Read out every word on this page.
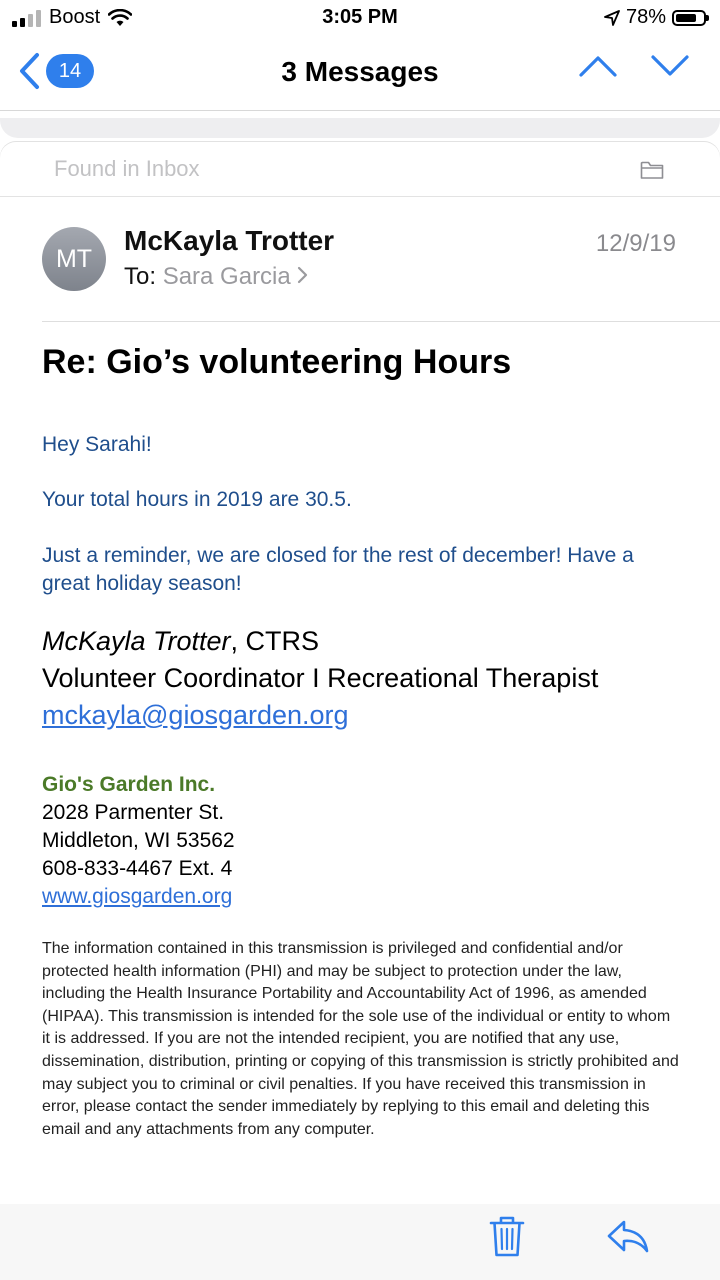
Boost	3:05 PM	78%
14	3 Messages
Found in Inbox
MT
McKayla Trotter
To: Sara Garcia
12/9/19
Re: Gio’s volunteering Hours

Hey Sarahi!

Your total hours in 2019 are 30.5.

Just a reminder, we are closed for the rest of december! Have a great holiday season!

McKayla Trotter, CTRS
Volunteer Coordinator I Recreational Therapist
mckayla@giosgarden.org
Gio's Garden Inc.
2028 Parmenter St.
Middleton, WI 53562
608-833-4467 Ext. 4
www.giosgarden.org

The information contained in this transmission is privileged and confidential and/or protected health information (PHI) and may be subject to protection under the law, including the Health Insurance Portability and Accountability Act of 1996, as amended (HIPAA). This transmission is intended for the sole use of the individual or entity to whom it is addressed. If you are not the intended recipient, you are notified that any use, dissemination, distribution, printing or copying of this transmission is strictly prohibited and may subject you to criminal or civil penalties. If you have received this transmission in error, please contact the sender immediately by replying to this email and deleting this email and any attachments from any computer.
